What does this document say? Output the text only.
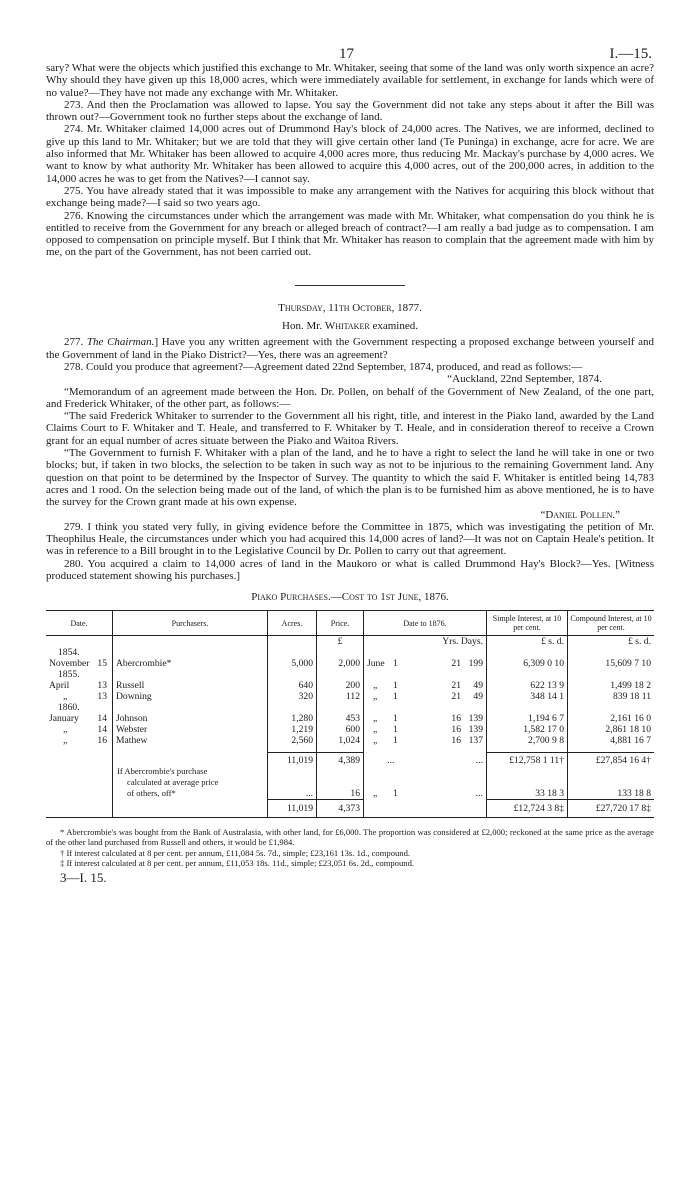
17	I.—15.

sary? What were the objects which justified this exchange to Mr. Whitaker, seeing that some of the land was only worth sixpence an acre? Why should they have given up this 18,000 acres, which were immediately available for settlement, in exchange for lands which were of no value?—They have not made any exchange with Mr. Whitaker.

273. And then the Proclamation was allowed to lapse. You say the Government did not take any steps about it after the Bill was thrown out?—Government took no further steps about the exchange of land.

274. Mr. Whitaker claimed 14,000 acres out of Drummond Hay's block of 24,000 acres. The Natives, we are informed, declined to give up this land to Mr. Whitaker; but we are told that they will give certain other land (Te Puninga) in exchange, acre for acre. We are also informed that Mr. Whitaker has been allowed to acquire 4,000 acres more, thus reducing Mr. Mackay's purchase by 4,000 acres. We want to know by what authority Mr. Whitaker has been allowed to acquire this 4,000 acres, out of the 200,000 acres, in addition to the 14,000 acres he was to get from the Natives?—I cannot say.

275. You have already stated that it was impossible to make any arrangement with the Natives for acquiring this block without that exchange being made?—I said so two years ago.

276. Knowing the circumstances under which the arrangement was made with Mr. Whitaker, what compensation do you think he is entitled to receive from the Government for any breach or alleged breach of contract?—I am really a bad judge as to compensation. I am opposed to compensation on principle myself. But I think that Mr. Whitaker has reason to complain that the agreement made with him by me, on the part of the Government, has not been carried out.

Thursday, 11th October, 1877.
Hon. Mr. Whitaker examined.

277. The Chairman.] Have you any written agreement with the Government respecting a proposed exchange between yourself and the Government of land in the Piako District?—Yes, there was an agreement?

278. Could you produce that agreement?—Agreement dated 22nd September, 1874, produced, and read as follows:—

“Auckland, 22nd September, 1874.

“Memorandum of an agreement made between the Hon. Dr. Pollen, on behalf of the Government of New Zealand, of the one part, and Frederick Whitaker, of the other part, as follows:—

“The said Frederick Whitaker to surrender to the Government all his right, title, and interest in the Piako land, awarded by the Land Claims Court to F. Whitaker and T. Heale, and transferred to F. Whitaker by T. Heale, and in consideration thereof to receive a Crown grant for an equal number of acres situate between the Piako and Waitoa Rivers.

“The Government to furnish F. Whitaker with a plan of the land, and he to have a right to select the land he will take in one or two blocks; but, if taken in two blocks, the selection to be taken in such way as not to be injurious to the remaining Government land. Any question on that point to be determined by the Inspector of Survey. The quantity to which the said F. Whitaker is entitled being 14,783 acres and 1 rood. On the selection being made out of the land, of which the plan is to be furnished him as above mentioned, he is to have the survey for the Crown grant made at his own expense.

“Daniel Pollen.”

279. I think you stated very fully, in giving evidence before the Committee in 1875, which was investigating the petition of Mr. Theophilus Heale, the circumstances under which you had acquired this 14,000 acres of land?—It was not on Captain Heale's petition. It was in reference to a Bill brought in to the Legislative Council by Dr. Pollen to carry out that agreement.

280. You acquired a claim to 14,000 acres of land in the Maukoro or what is called Drummond Hay's Block?—Yes. [Witness produced statement showing his purchases.]

Piako Purchases.—Cost to 1st June, 1876.
Date.	Purchasers.	Acres.	Price.	Date to 1876.		Simple Interest, at 10 per cent.	Compound Interest, at 10 per cent.
			£		Yrs. Days.	£ s. d.	£ s. d.
1854.							
November 15	Abercrombie*	5,000	2,000	June 1	21 199	6,309 0 10	15,609 7 10
1855.							
April 13	Russell	640	200	„ 1	21 49	622 13 9	1,499 18 2
„ 13	Downing	320	112	„ 1	21 49	348 14 1	839 18 11
1860.							
January 14	Johnson	1,280	453	„ 1	16 139	1,194 6 7	2,161 16 0
„ 14	Webster	1,219	600	„ 1	16 139	1,582 17 0	2,861 18 10
„ 16	Mathew	2,560	1,024	„ 1	16 137	2,700 9 8	4,881 16 7

		11,019	4,389	...	...	£12,758 1 11†	£27,854 16 4†
	If Abercrombie's purchase						
	calculated at average price						
	of others, off*	...	16	„ 1	...	33 18 3	133 18 8
		11,019	4,373			£12,724 3 8‡	£27,720 17 8‡

* Abercrombie's was bought from the Bank of Australasia, with other land, for £6,000. The proportion was considered at £2,000; reckoned at the same price as the average of the other land purchased from Russell and others, it would be £1,984.

† If interest calculated at 8 per cent. per annum, £11,084 5s. 7d., simple; £23,161 13s. 1d., compound.

‡ If interest calculated at 8 per cent. per annum, £11,053 18s. 11d., simple; £23,051 6s. 2d., compound.

3—I. 15.
